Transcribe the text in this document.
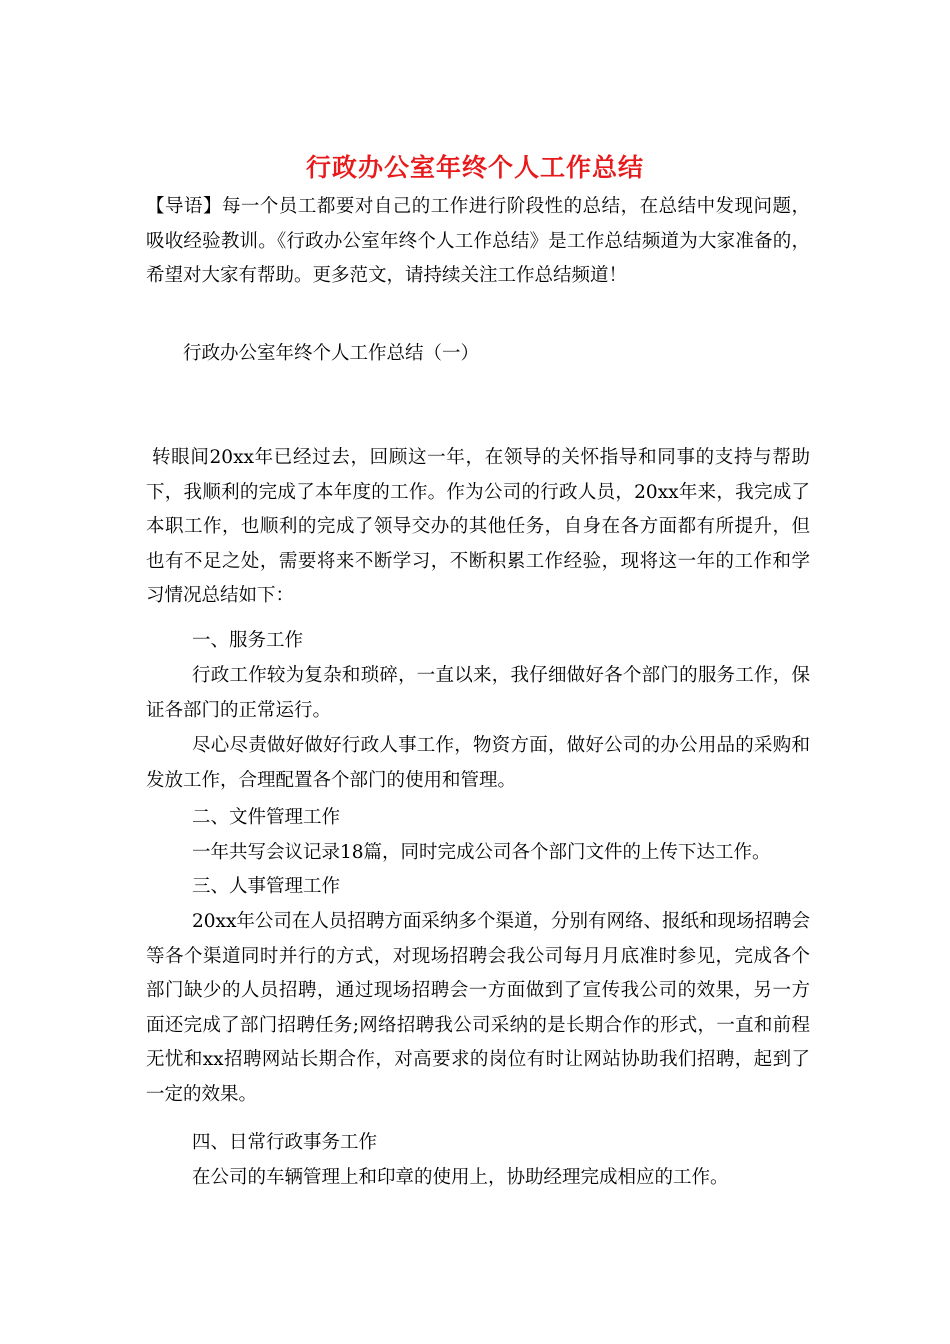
行政办公室年终个人工作总结
【导语】每一个员工都要对自己的工作进行阶段性的总结，在总结中发现问题，吸收经验教训。《行政办公室年终个人工作总结》是工作总结频道为大家准备的，希望对大家有帮助。更多范文，请持续关注工作总结频道！
行政办公室年终个人工作总结（一）
转眼间20xx年已经过去，回顾这一年，在领导的关怀指导和同事的支持与帮助下，我顺利的完成了本年度的工作。作为公司的行政人员，20xx年来，我完成了本职工作，也顺利的完成了领导交办的其他任务，自身在各方面都有所提升，但也有不足之处，需要将来不断学习，不断积累工作经验，现将这一年的工作和学习情况总结如下：
一、服务工作
行政工作较为复杂和琐碎，一直以来，我仔细做好各个部门的服务工作，保证各部门的正常运行。
尽心尽责做好做好行政人事工作，物资方面，做好公司的办公用品的采购和发放工作，合理配置各个部门的使用和管理。
二、文件管理工作
一年共写会议记录18篇，同时完成公司各个部门文件的上传下达工作。
三、人事管理工作
20xx年公司在人员招聘方面采纳多个渠道，分别有网络、报纸和现场招聘会等各个渠道同时并行的方式，对现场招聘会我公司每月月底准时参见，完成各个部门缺少的人员招聘，通过现场招聘会一方面做到了宣传我公司的效果，另一方面还完成了部门招聘任务;网络招聘我公司采纳的是长期合作的形式，一直和前程无忧和xx招聘网站长期合作，对高要求的岗位有时让网站协助我们招聘，起到了一定的效果。
四、日常行政事务工作
在公司的车辆管理上和印章的使用上，协助经理完成相应的工作。
